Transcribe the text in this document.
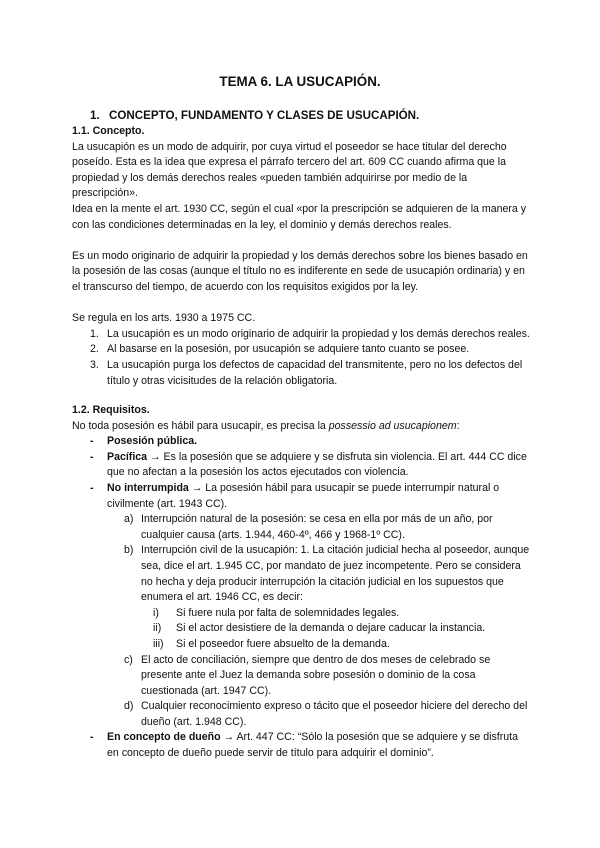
TEMA 6. LA USUCAPIÓN.
1. CONCEPTO, FUNDAMENTO Y CLASES DE USUCAPIÓN.
1.1. Concepto.

La usucapión es un modo de adquirir, por cuya virtud el poseedor se hace titular del derecho poseído. Esta es la idea que expresa el párrafo tercero del art. 609 CC cuando afirma que la propiedad y los demás derechos reales «pueden también adquirirse por medio de la prescripción».

Idea en la mente el art. 1930 CC, según el cual «por la prescripción se adquieren de la manera y con las condiciones determinadas en la ley, el dominio y demás derechos reales.

Es un modo originario de adquirir la propiedad y los demás derechos sobre los bienes basado en la posesión de las cosas (aunque el título no es indiferente en sede de usucapión ordinaria) y en el transcurso del tiempo, de acuerdo con los requisitos exigidos por la ley.

Se regula en los arts. 1930 a 1975 CC.

1. La usucapión es un modo originario de adquirir la propiedad y los demás derechos reales.
2. Al basarse en la posesión, por usucapión se adquiere tanto cuanto se posee.
3. La usucapión purga los defectos de capacidad del transmitente, pero no los defectos del título y otras vicisitudes de la relación obligatoria.
1.2. Requisitos.

No toda posesión es hábil para usucapir, es precisa la possessio ad usucapionem:

- Posesión pública.
- Pacífica → Es la posesión que se adquiere y se disfruta sin violencia. El art. 444 CC dice que no afectan a la posesión los actos ejecutados con violencia.
- No interrumpida → La posesión hábil para usucapir se puede interrumpir natural o civilmente (art. 1943 CC).
a) Interrupción natural de la posesión: se cesa en ella por más de un año, por cualquier causa (arts. 1.944, 460-4º, 466 y 1968-1º CC).
b) Interrupción civil de la usucapión: 1. La citación judicial hecha al poseedor, aunque sea, dice el art. 1.945 CC, por mandato de juez incompetente. Pero se considera no hecha y deja producir interrupción la citación judicial en los supuestos que enumera el art. 1946 CC, es decir:
i) Si fuere nula por falta de solemnidades legales.
ii) Si el actor desistiere de la demanda o dejare caducar la instancia.
iii) Si el poseedor fuere absuelto de la demanda.
c) El acto de conciliación, siempre que dentro de dos meses de celebrado se presente ante el Juez la demanda sobre posesión o dominio de la cosa cuestionada (art. 1947 CC).
d) Cualquier reconocimiento expreso o tácito que el poseedor hiciere del derecho del dueño (art. 1.948 CC).
- En concepto de dueño → Art. 447 CC: “Sólo la posesión que se adquiere y se disfruta en concepto de dueño puede servir de título para adquirir el dominio”.
